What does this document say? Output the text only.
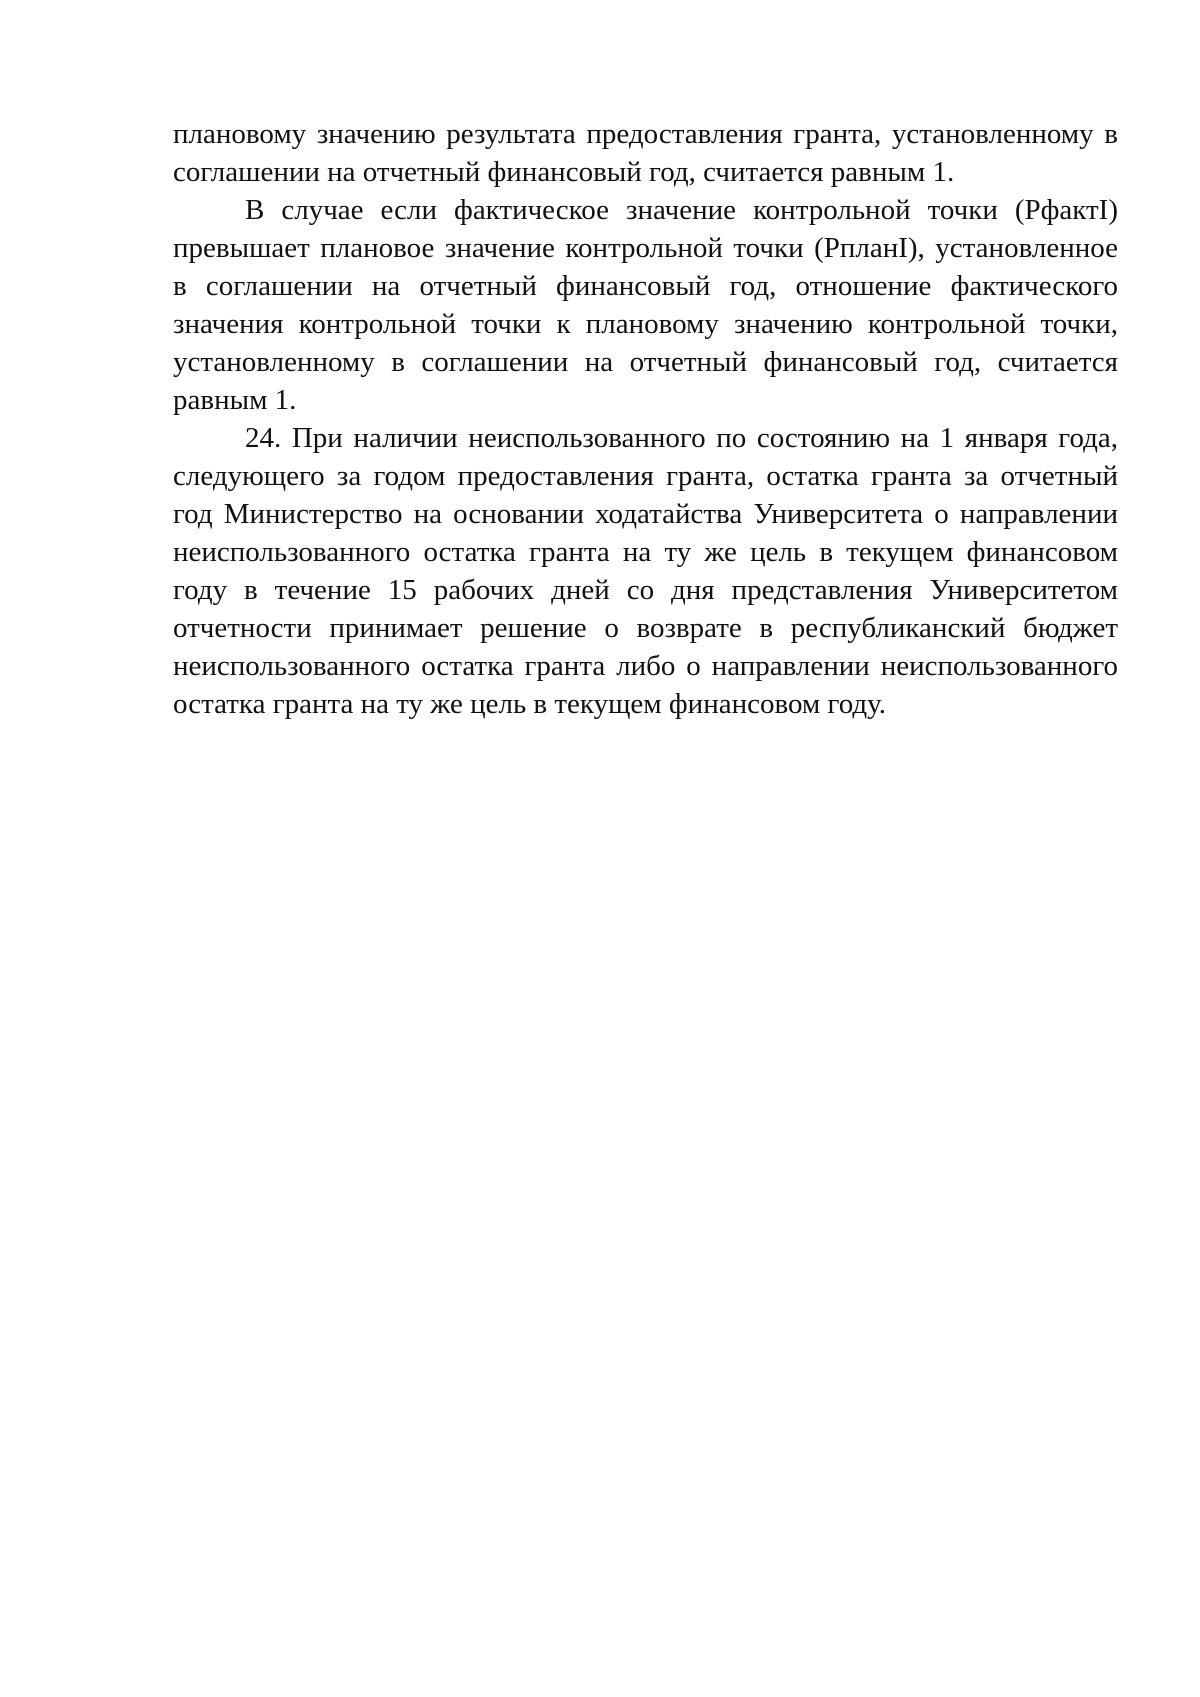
плановому значению результата предоставления гранта, установленному в соглашении на отчетный финансовый год, считается равным 1.

В случае если фактическое значение контрольной точки (PфактI) превышает плановое значение контрольной точки (PпланI), установленное в соглашении на отчетный финансовый год, отношение фактического значения контрольной точки к плановому значению контрольной точки, установленному в соглашении на отчетный финансовый год, считается равным 1.

24. При наличии неиспользованного по состоянию на 1 января года, следующего за годом предоставления гранта, остатка гранта за отчетный год Министерство на основании ходатайства Университета о направлении неиспользованного остатка гранта на ту же цель в текущем финансовом году в течение 15 рабочих дней со дня представления Университетом отчетности принимает решение о возврате в республиканский бюджет неиспользованного остатка гранта либо о направлении неиспользованного остатка гранта на ту же цель в текущем финансовом году.
